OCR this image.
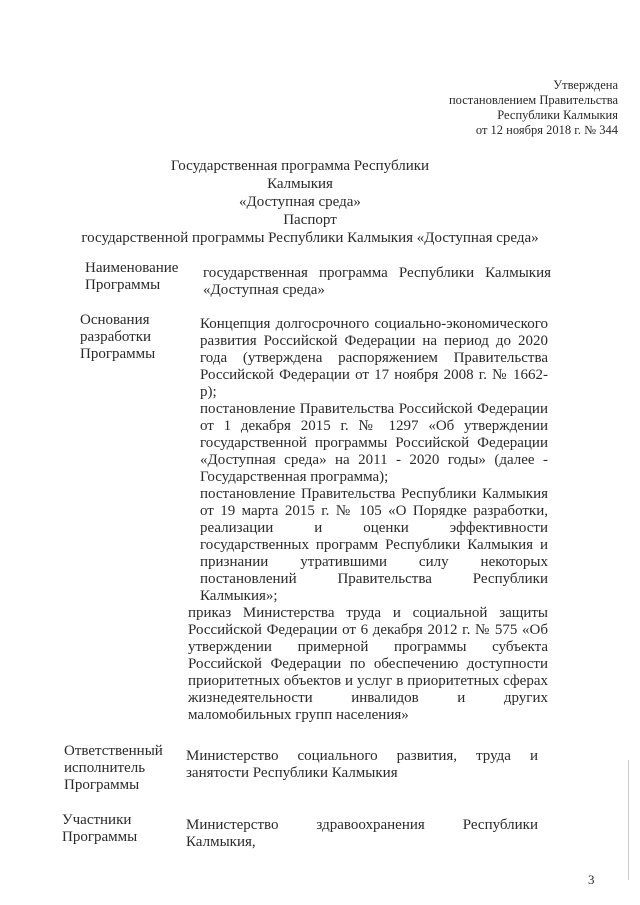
Утверждена
постановлением Правительства
Республики Калмыкия
от 12 ноября 2018 г. № 344
Государственная программа Республики Калмыкия
«Доступная среда»
Паспорт
государственной программы Республики Калмыкия «Доступная среда»
Наименование Программы
государственная программа Республики Калмыкия «Доступная среда»
Основания разработки Программы

Концепция долгосрочного социально-экономического развития Российской Федерации на период до 2020 года (утверждена распоряжением Правительства Российской Федерации от 17 ноября 2008 г. № 1662-р);

постановление Правительства Российской Федерации от 1 декабря 2015 г. № 1297 «Об утверждении государственной программы Российской Федерации «Доступная среда» на 2011 - 2020 годы» (далее - Государственная программа);

постановление Правительства Республики Калмыкия от 19 марта 2015 г. № 105 «О Порядке разработки, реализации и оценки эффективности государственных программ Республики Калмыкия и признании утратившими силу некоторых постановлений Правительства Республики Калмыкия»;

приказ Министерства труда и социальной защиты Российской Федерации от 6 декабря 2012 г. № 575 «Об утверждении примерной программы субъекта Российской Федерации по обеспечению доступности приоритетных объектов и услуг в приоритетных сферах жизнедеятельности инвалидов и других маломобильных групп населения»

Ответственный исполнитель Программы
Министерство социального развития, труда и занятости Республики Калмыкия
Участники Программы
Министерство здравоохранения Республики Калмыкия,
3
